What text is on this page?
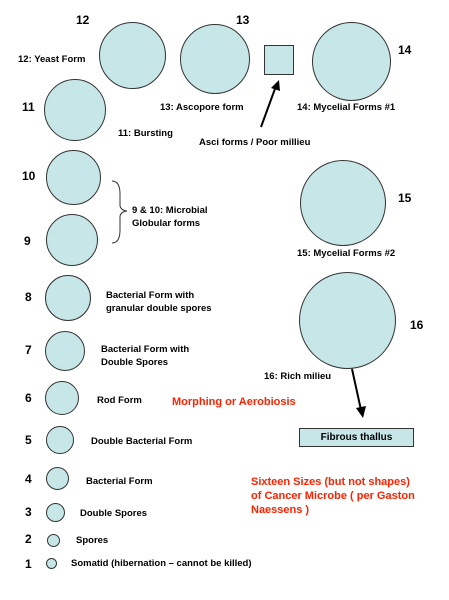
12
12: Yeast Form
13
13: Ascopore form
Asci forms / Poor millieu
14
14: Mycelial Forms #1
11
11: Bursting
10
9
9 & 10: Microbial
Globular forms
15
15: Mycelial Forms #2
8	Bacterial Form with
granular double spores
16
16: Rich milieu
7	Bacterial Form with
Double Spores
6	Rod Form	Morphing or Aerobiosis
Fibrous thallus
5	Double Bacterial Form
4	Bacterial Form	Sixteen Sizes (but not shapes)
of Cancer Microbe ( per Gaston
Naessens )
3	Double Spores
2	Spores
1	Somatid (hibernation – cannot be killed)
